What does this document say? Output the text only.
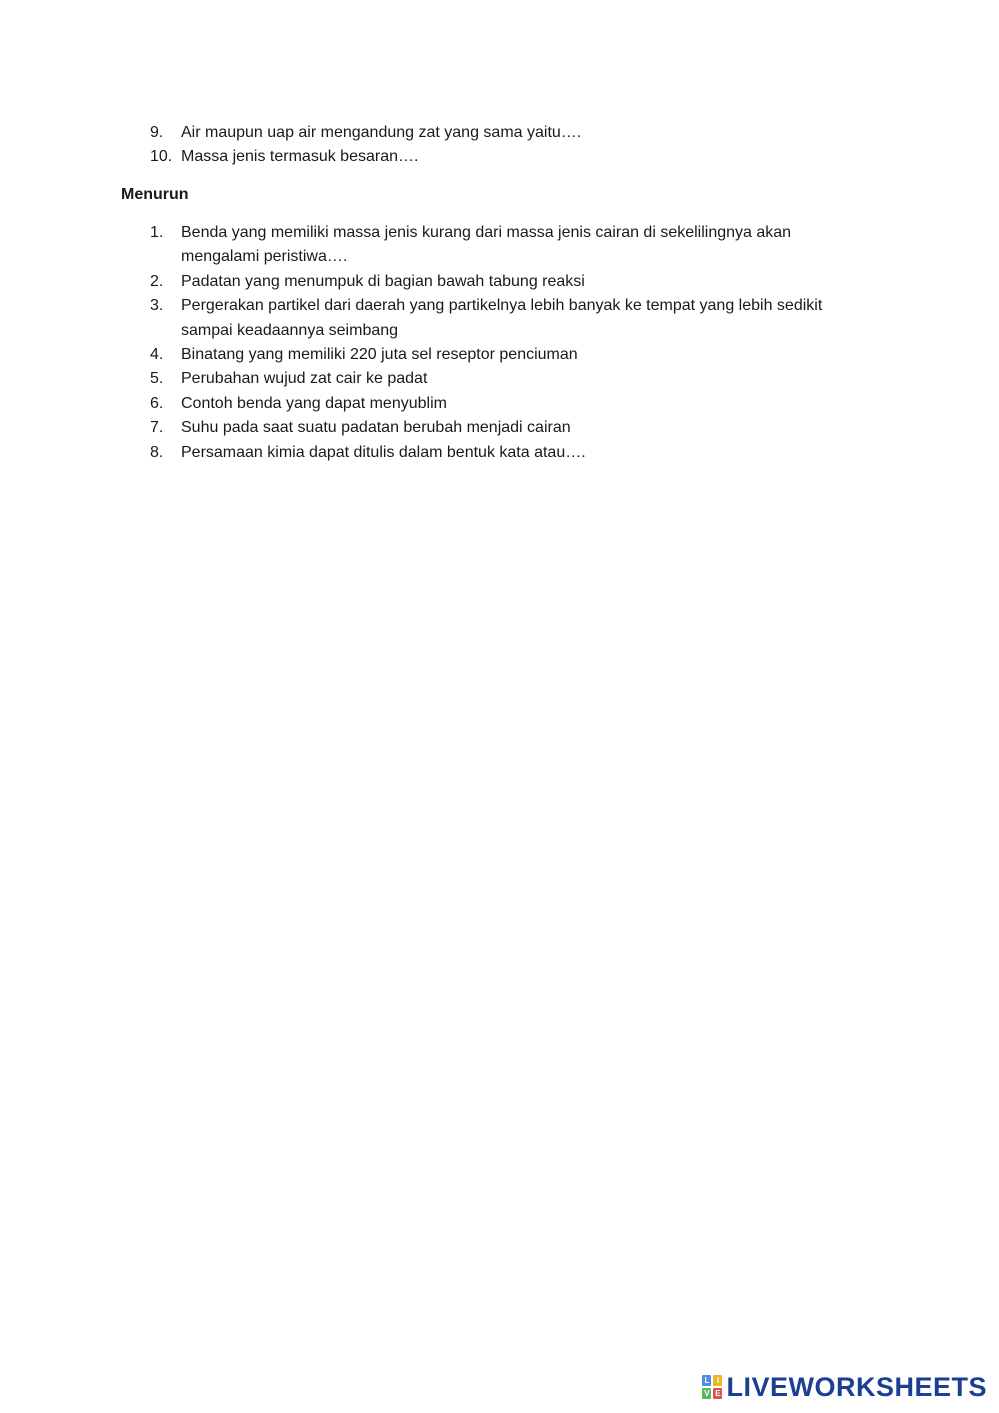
9.	Air maupun uap air mengandung zat yang sama yaitu….
10. Massa jenis termasuk besaran….
Menurun
1.	Benda yang memiliki massa jenis kurang dari massa jenis cairan di sekelilingnya akan mengalami peristiwa….
2.	Padatan yang menumpuk di bagian bawah tabung reaksi
3.	Pergerakan partikel dari daerah yang partikelnya lebih banyak ke tempat yang lebih sedikit sampai keadaannya seimbang
4.	Binatang yang memiliki 220 juta sel reseptor penciuman
5.	Perubahan wujud zat cair ke padat
6.	Contoh benda yang dapat menyublim
7.	Suhu pada saat suatu padatan berubah menjadi cairan
8.	Persamaan kimia dapat ditulis dalam bentuk kata atau….
L I
V E LIVEWORKSHEETS
